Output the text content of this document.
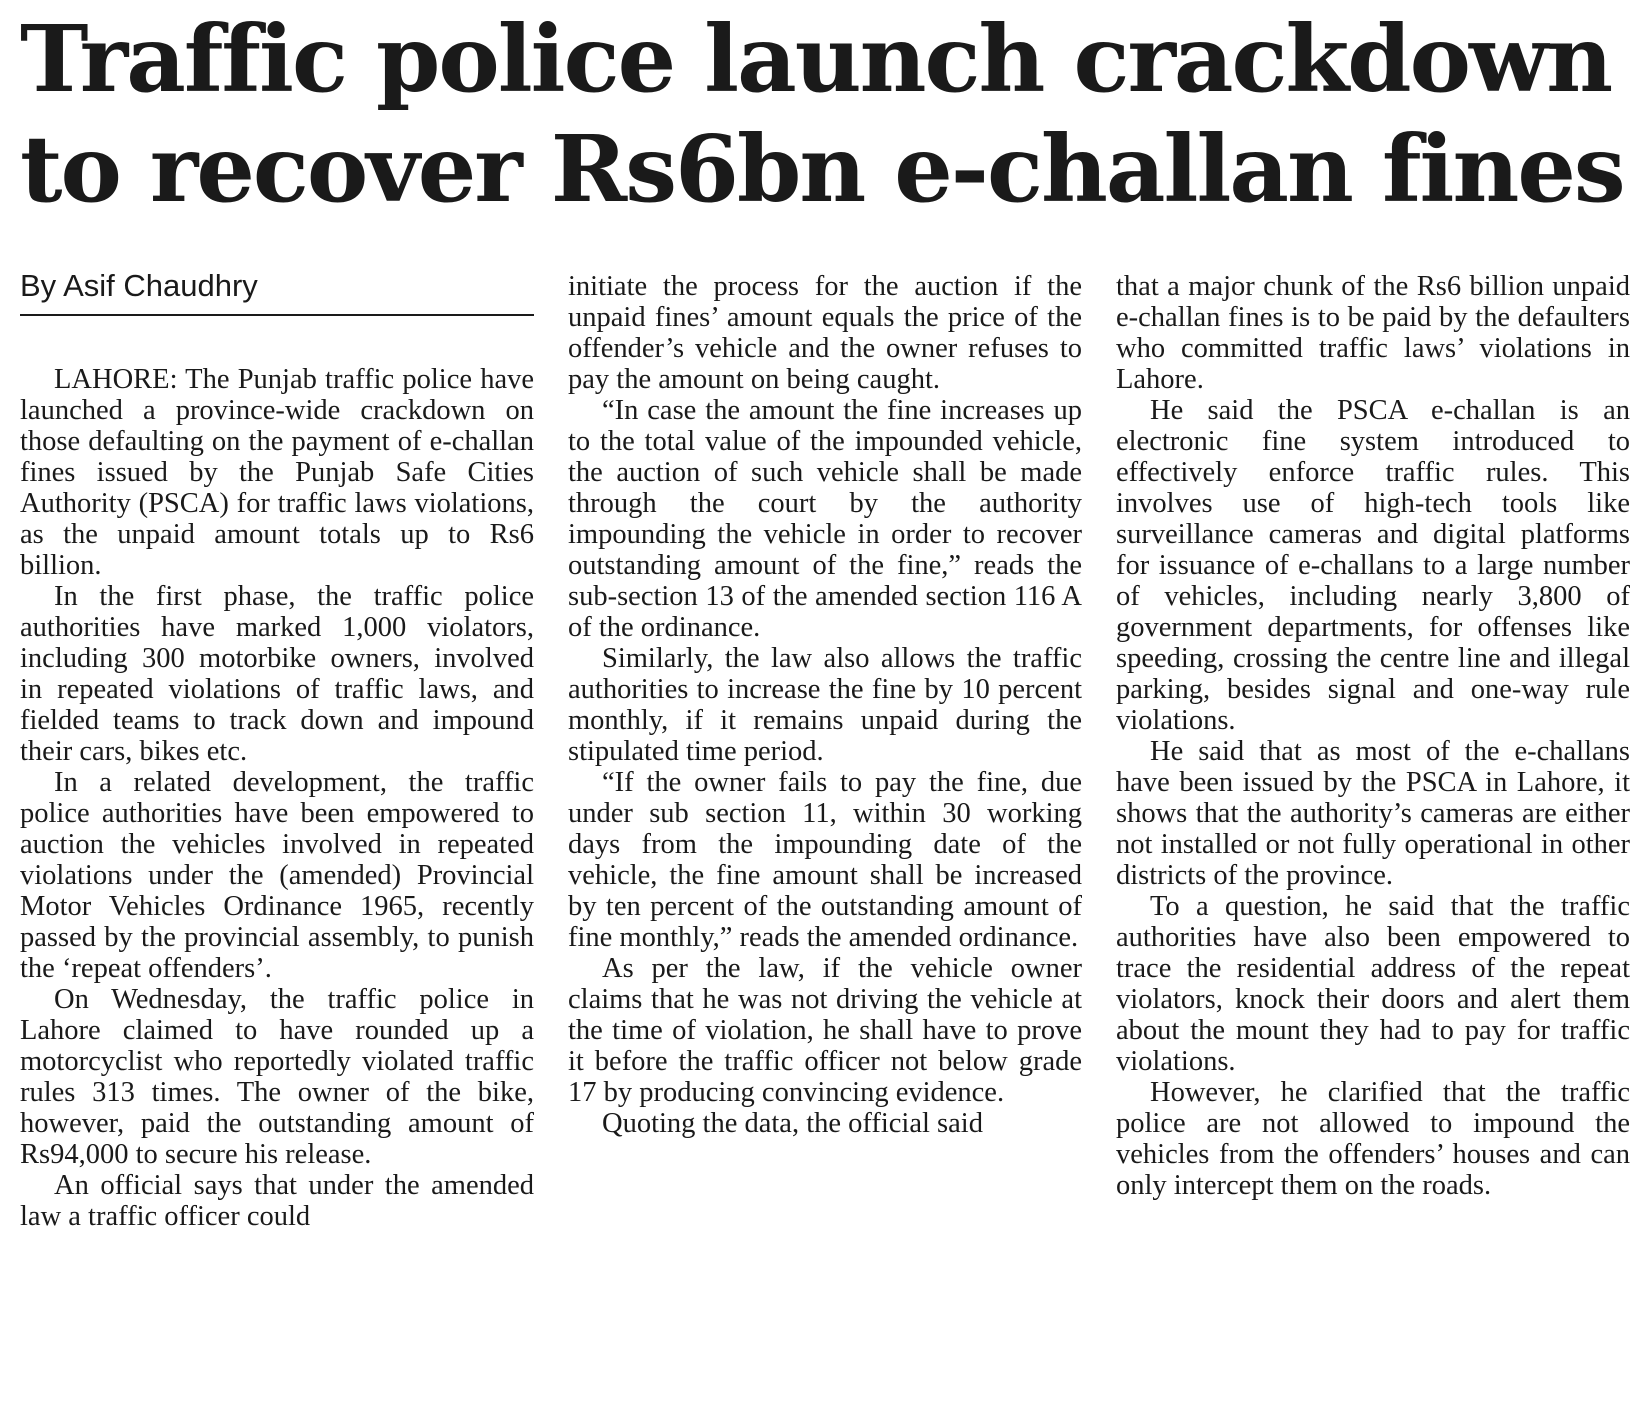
Traffic police launch crackdown
to recover Rs6bn e-challan fines
By Asif Chaudhry

LAHORE: The Punjab traffic police have launched a province-wide crackdown on those defaulting on the payment of e-challan fines issued by the Punjab Safe Cities Authority (PSCA) for traffic laws violations, as the unpaid amount totals up to Rs6 billion.

In the first phase, the traffic police authorities have marked 1,000 violators, including 300 motorbike owners, involved in repeated violations of traffic laws, and fielded teams to track down and impound their cars, bikes etc.

In a related development, the traffic police authorities have been empowered to auction the vehicles involved in repeated violations under the (amended) Provincial Motor Vehicles Ordinance 1965, recently passed by the provincial assembly, to punish the ‘repeat offenders’.

On Wednesday, the traffic police in Lahore claimed to have rounded up a motorcyclist who reportedly violated traffic rules 313 times. The owner of the bike, however, paid the outstanding amount of Rs94,000 to secure his release.

An official says that under the amended law a traffic officer could

initiate the process for the auction if the unpaid fines’ amount equals the price of the offender’s vehicle and the owner refuses to pay the amount on being caught.

“In case the amount the fine increases up to the total value of the impounded vehicle, the auction of such vehicle shall be made through the court by the authority impounding the vehicle in order to recover outstanding amount of the fine,” reads the sub-section 13 of the amended section 116 A of the ordinance.

Similarly, the law also allows the traffic authorities to increase the fine by 10 percent monthly, if it remains unpaid during the stipulated time period.

“If the owner fails to pay the fine, due under sub section 11, within 30 working days from the impounding date of the vehicle, the fine amount shall be increased by ten percent of the outstanding amount of fine monthly,” reads the amended ordinance.

As per the law, if the vehicle owner claims that he was not driving the vehicle at the time of violation, he shall have to prove it before the traffic officer not below grade 17 by producing convincing evidence.

Quoting the data, the official said

that a major chunk of the Rs6 billion unpaid e-challan fines is to be paid by the defaulters who committed traffic laws’ violations in Lahore.

He said the PSCA e-challan is an electronic fine system introduced to effectively enforce traffic rules. This involves use of high-tech tools like surveillance cameras and digital platforms for issuance of e-challans to a large number of vehicles, including nearly 3,800 of government departments, for offenses like speeding, crossing the centre line and illegal parking, besides signal and one-way rule violations.

He said that as most of the e-challans have been issued by the PSCA in Lahore, it shows that the authority’s cameras are either not installed or not fully operational in other districts of the province.

To a question, he said that the traffic authorities have also been empowered to trace the residential address of the repeat violators, knock their doors and alert them about the mount they had to pay for traffic violations.

However, he clarified that the traffic police are not allowed to impound the vehicles from the offenders’ houses and can only intercept them on the roads.
